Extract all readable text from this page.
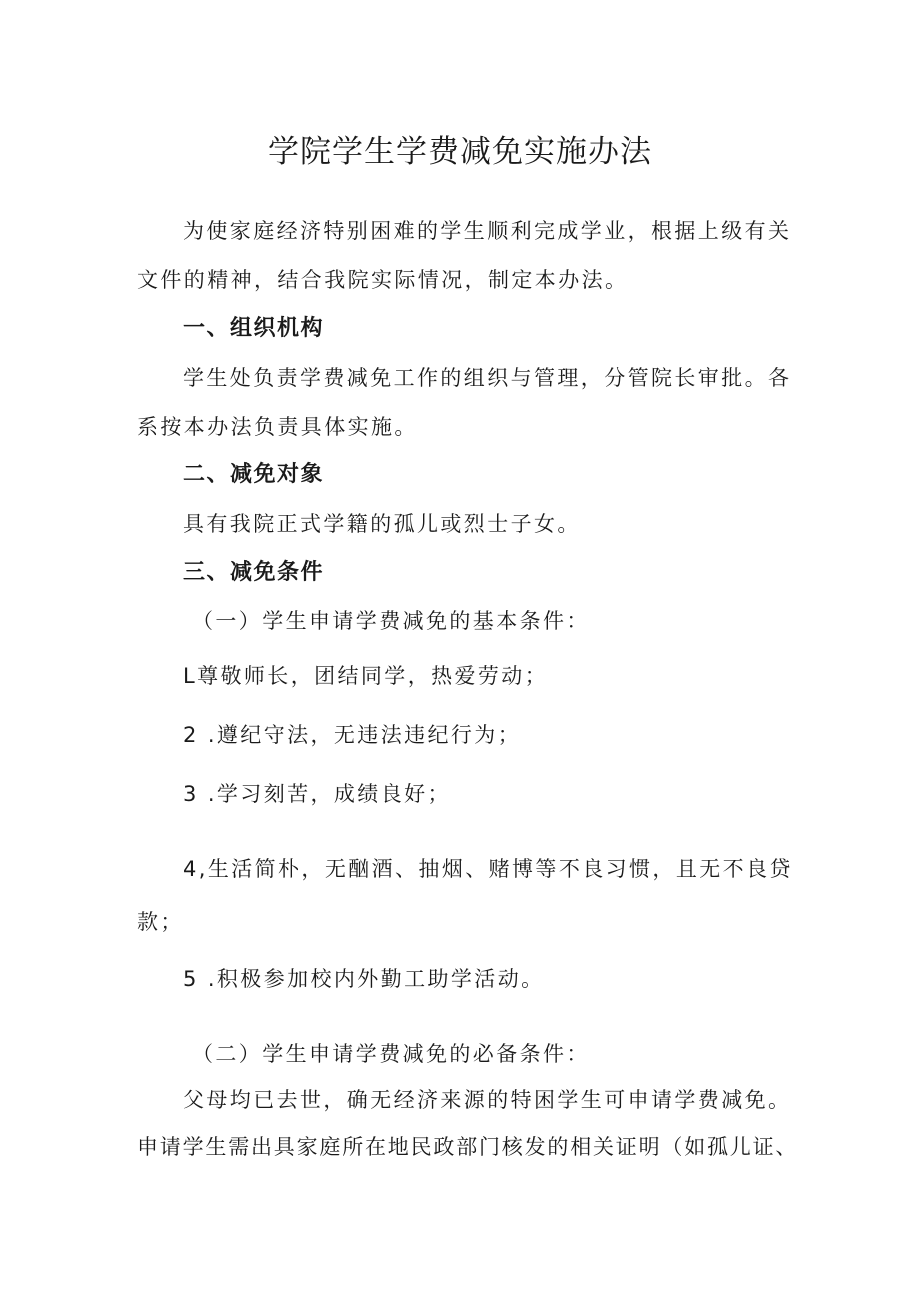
学院学生学费减免实施办法
为使家庭经济特别困难的学生顺利完成学业，根据上级有关
文件的精神，结合我院实际情况，制定本办法。
一、组织机构
学生处负责学费减免工作的组织与管理，分管院长审批。各
系按本办法负责具体实施。
二、减免对象
具有我院正式学籍的孤儿或烈士子女。
三、减免条件
（一）学生申请学费减免的基本条件：
L尊敬师长，团结同学，热爱劳动；
2 .遵纪守法，无违法违纪行为；
3 .学习刻苦，成绩良好；
4,生活简朴，无酗酒、抽烟、赌博等不良习惯，且无不良贷
款；
5 .积极参加校内外勤工助学活动。
（二）学生申请学费减免的必备条件：
父母均已去世，确无经济来源的特困学生可申请学费减免。
申请学生需出具家庭所在地民政部门核发的相关证明（如孤儿证、
